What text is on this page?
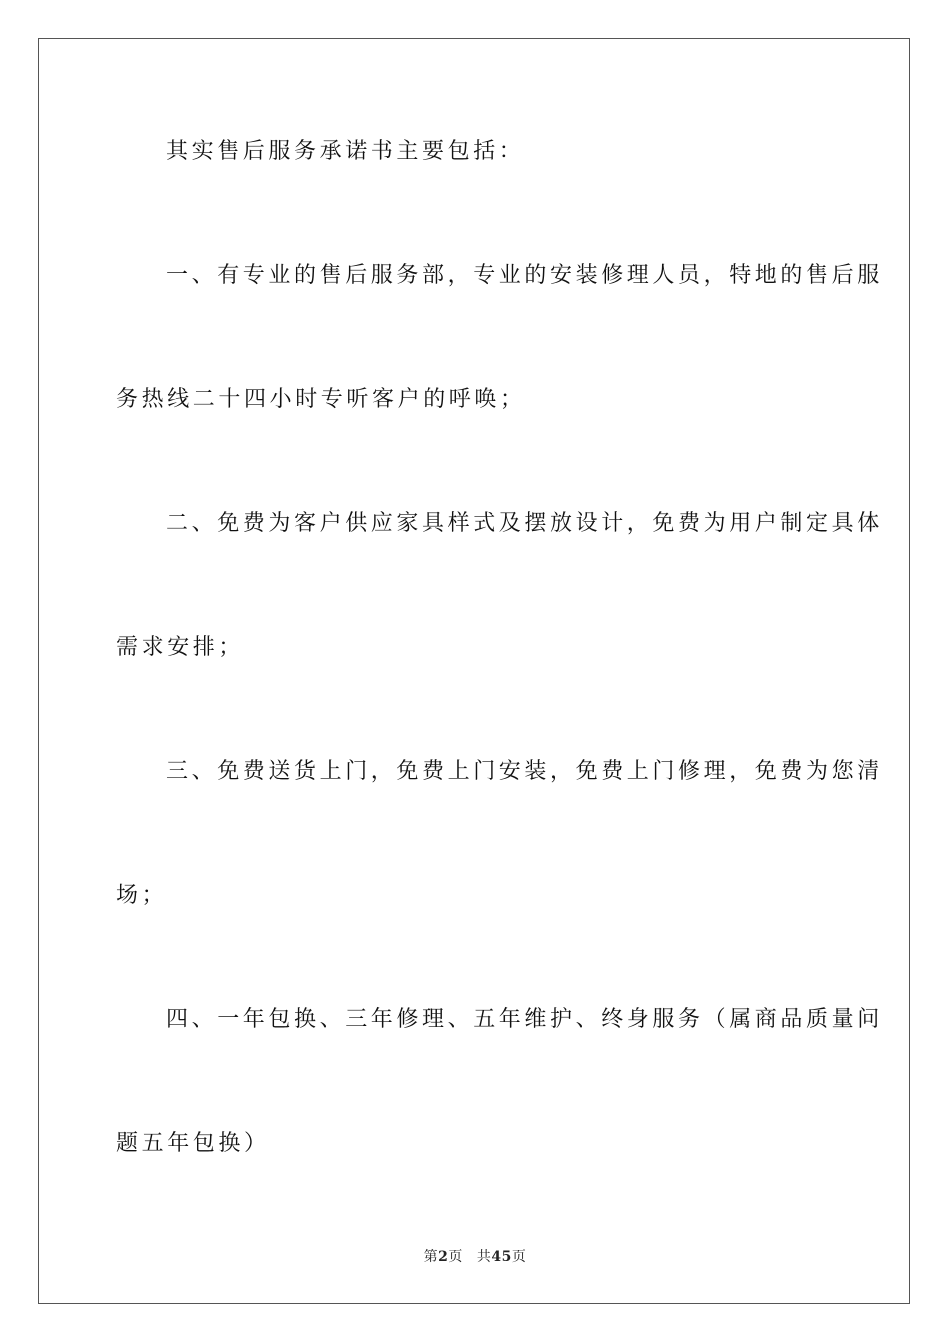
其实售后服务承诺书主要包括：
一、有专业的售后服务部，专业的安装修理人员，特地的售后服
务热线二十四小时专听客户的呼唤；
二、免费为客户供应家具样式及摆放设计，免费为用户制定具体
需求安排；
三、免费送货上门，免费上门安装，免费上门修理，免费为您清
场；
四、一年包换、三年修理、五年维护、终身服务（属商品质量问
题五年包换）
第2页 共45页
